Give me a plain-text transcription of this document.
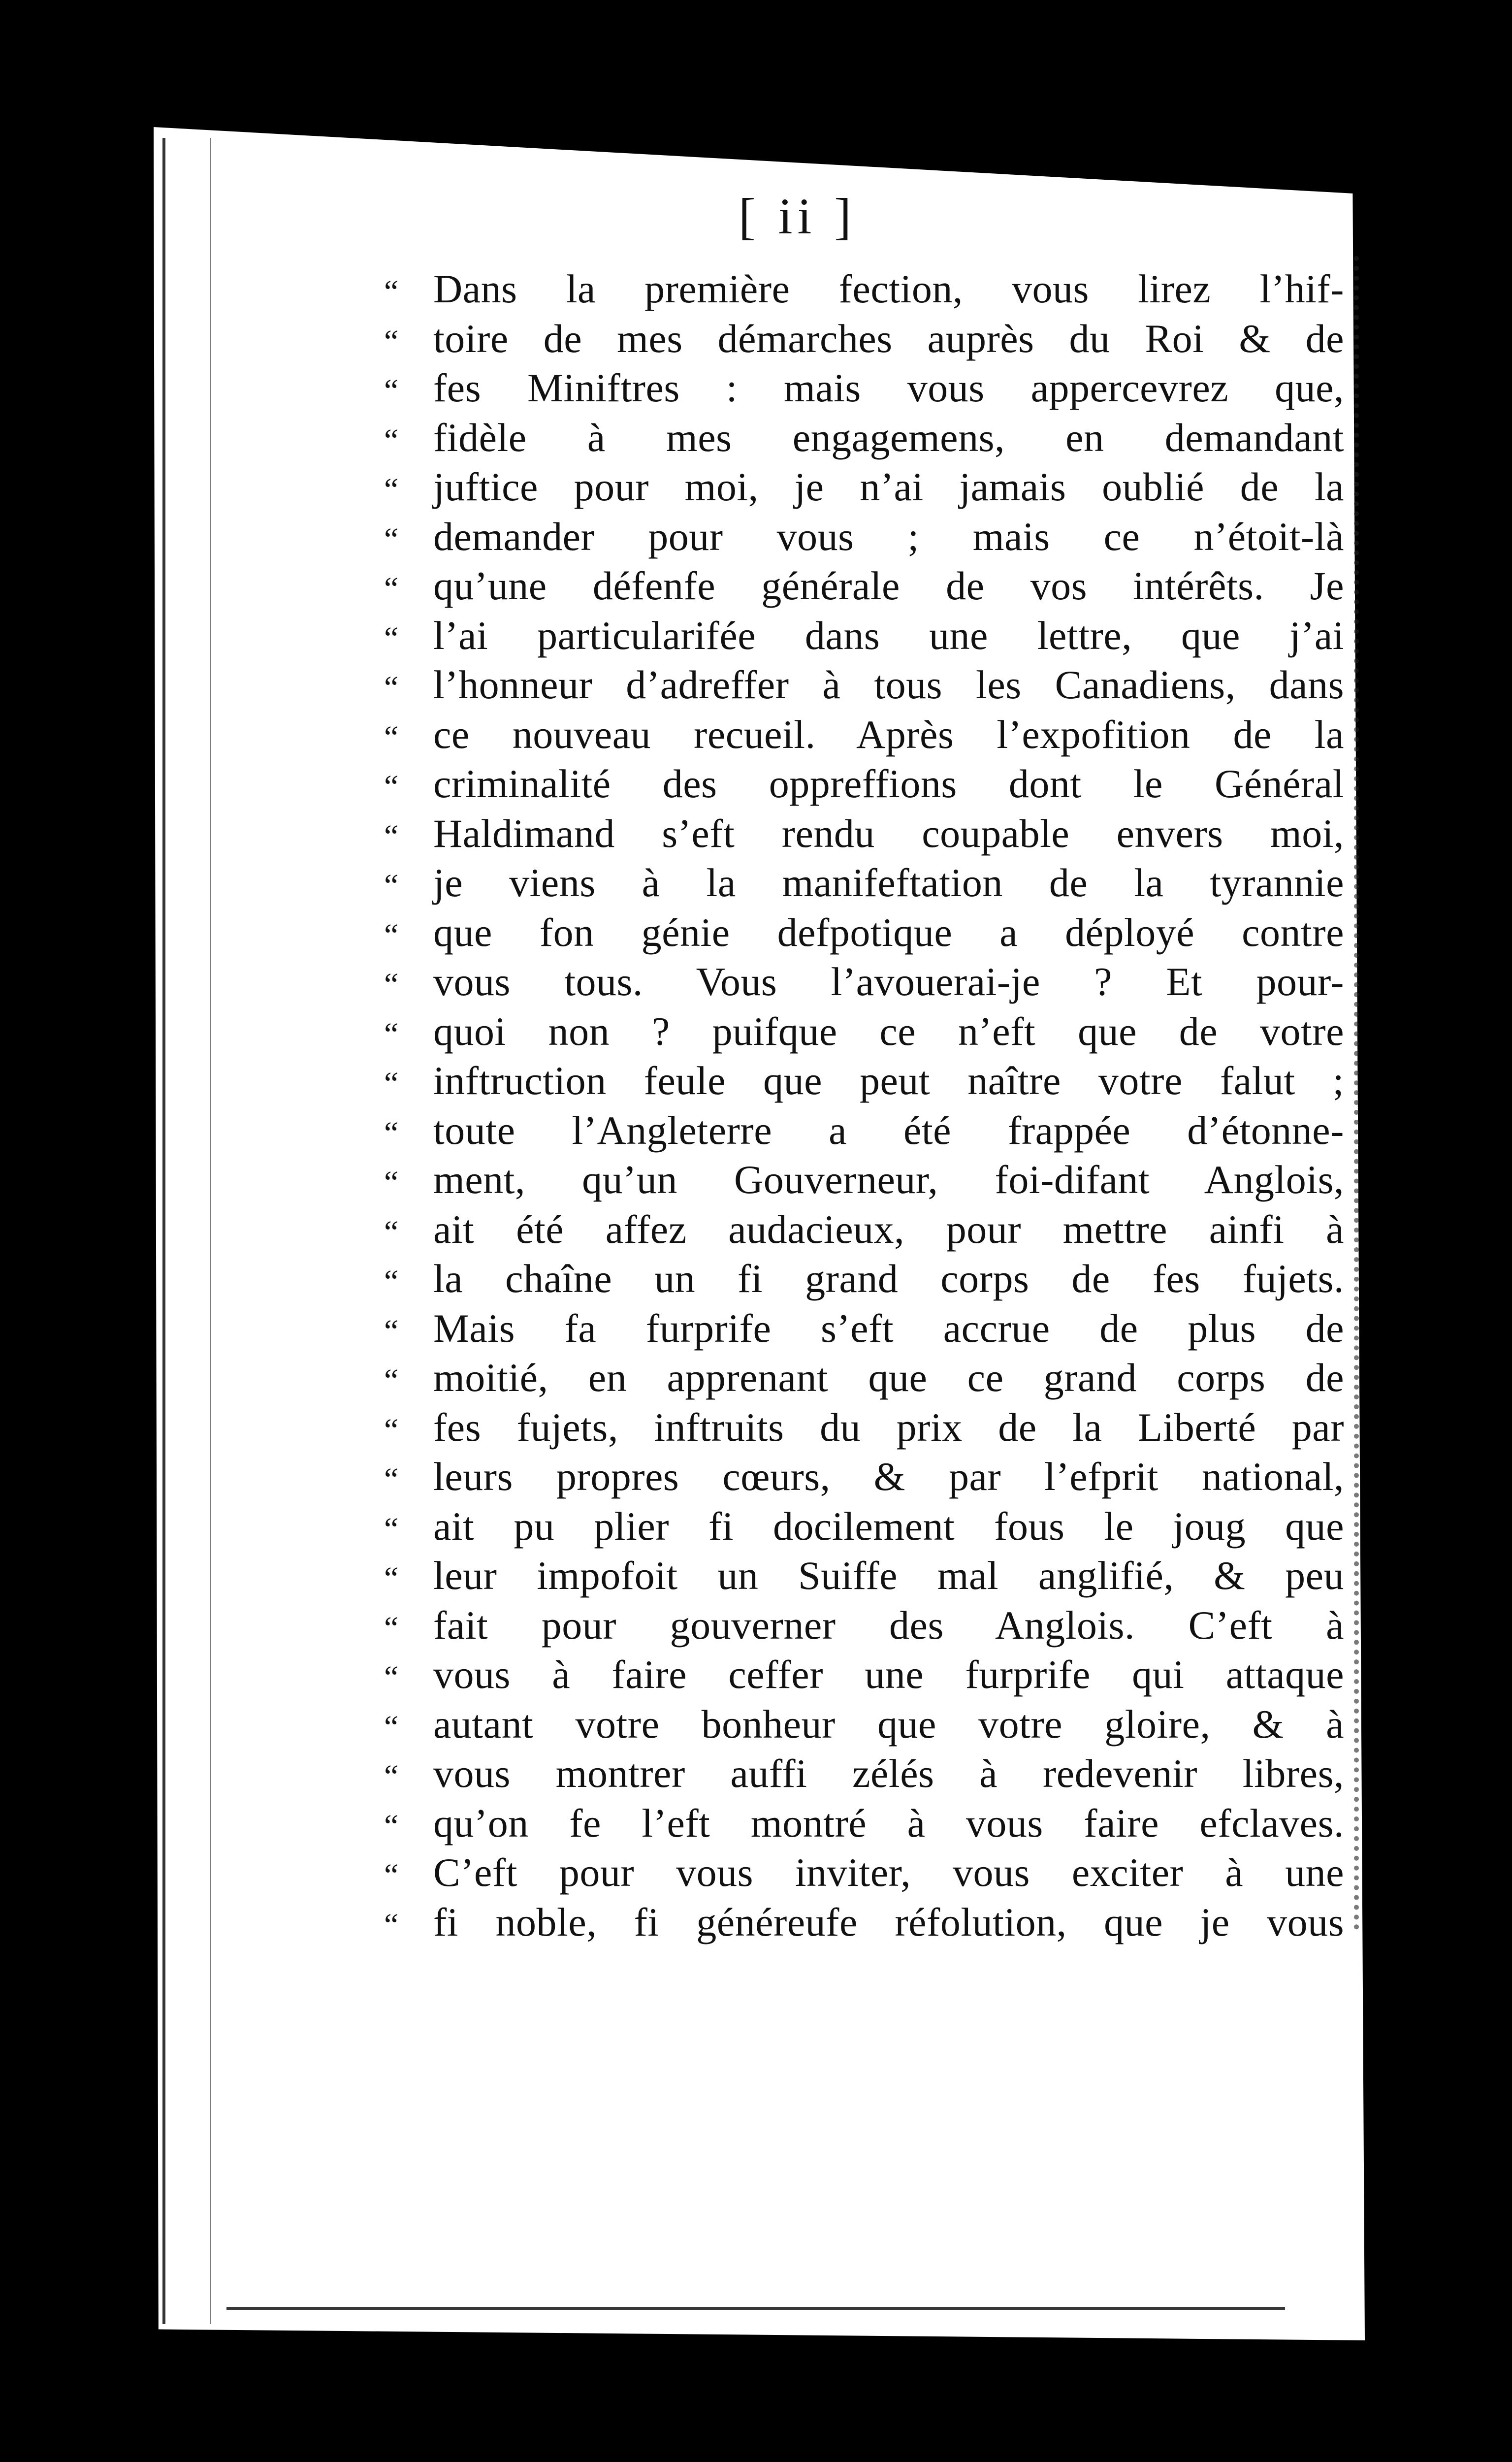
[ ii ]
“ Dans la première fection, vous lirez l’hif-
“ toire de mes démarches auprès du Roi & de
“ fes Miniftres : mais vous appercevrez que,
“ fidèle à mes engagemens, en demandant
“ juftice pour moi, je n’ai jamais oublié de la
“ demander pour vous ; mais ce n’étoit-là
“ qu’une défenfe générale de vos intérêts. Je
“ l’ai particularifée dans une lettre, que j’ai
“ l’honneur d’adreffer à tous les Canadiens, dans
“ ce nouveau recueil. Après l’expofition de la
“ criminalité des oppreffions dont le Général
“ Haldimand s’eft rendu coupable envers moi,
“ je viens à la manifeftation de la tyrannie
“ que fon génie defpotique a déployé contre
“ vous tous. Vous l’avouerai-je ? Et pour-
“ quoi non ? puifque ce n’eft que de votre
“ inftruction feule que peut naître votre falut ;
“ toute l’Angleterre a été frappée d’étonne-
“ ment, qu’un Gouverneur, foi-difant Anglois,
“ ait été affez audacieux, pour mettre ainfi à
“ la chaîne un fi grand corps de fes fujets.
“ Mais fa furprife s’eft accrue de plus de
“ moitié, en apprenant que ce grand corps de
“ fes fujets, inftruits du prix de la Liberté par
“ leurs propres cœurs, & par l’efprit national,
“ ait pu plier fi docilement fous le joug que
“ leur impofoit un Suiffe mal anglifié, & peu
“ fait pour gouverner des Anglois. C’eft à
“ vous à faire ceffer une furprife qui attaque
“ autant votre bonheur que votre gloire, & à
“ vous montrer auffi zélés à redevenir libres,
“ qu’on fe l’eft montré à vous faire efclaves.
“ C’eft pour vous inviter, vous exciter à une
“ fi noble, fi généreufe réfolution, que je vous
